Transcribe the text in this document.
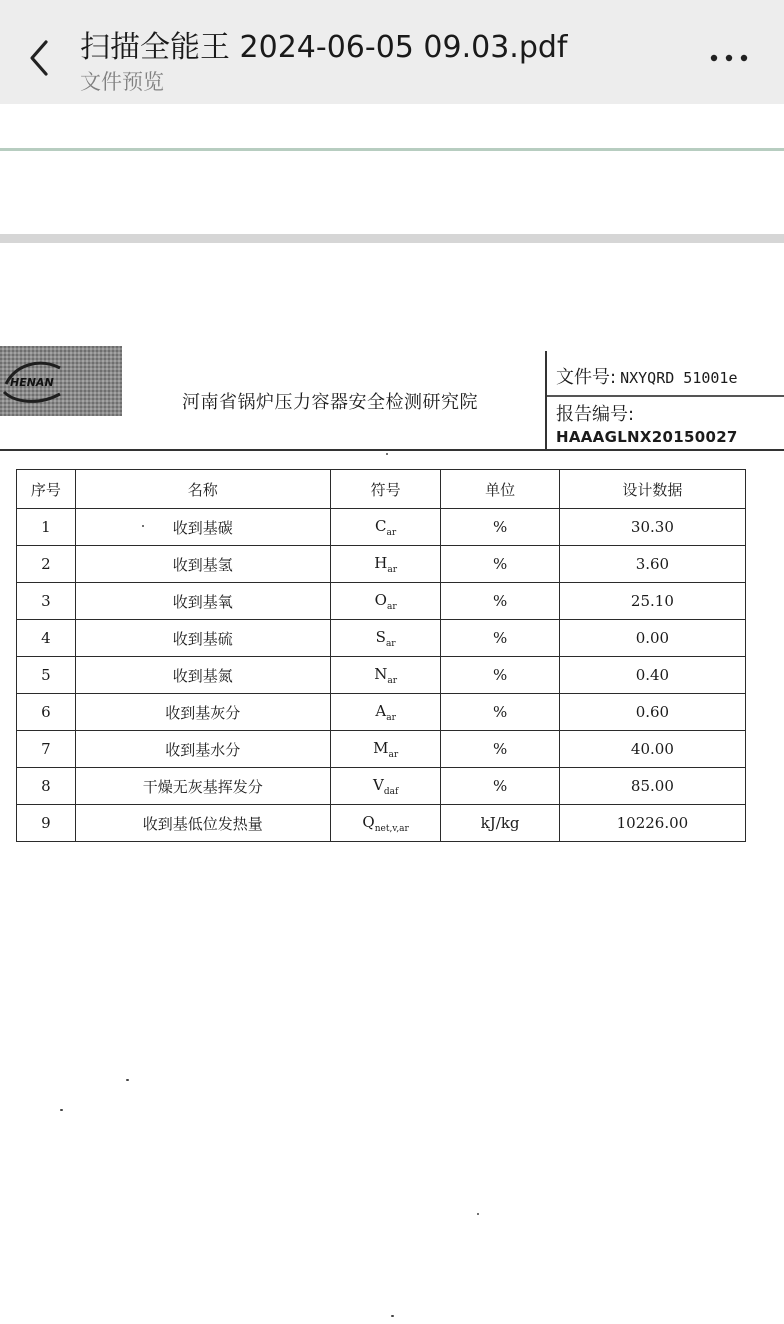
扫描全能王 2024-06-05 09.03.pdf
文件预览
HENAN
河南省锅炉压力容器安全检测研究院
文件号: NXYQRD 51001e
报告编号:
HAAAGLNX20150027
序号	名称	符号	单位	设计数据
1	收到基碳	$C_{ar}$	%	30.30
2	收到基氢	$H_{ar}$	%	3.60
3	收到基氧	$O_{ar}$	%	25.10
4	收到基硫	$S_{ar}$	%	0.00
5	收到基氮	$N_{ar}$	%	0.40
6	收到基灰分	$A_{ar}$	%	0.60
7	收到基水分	$M_{ar}$	%	40.00
8	干燥无灰基挥发分	$V_{daf}$	%	85.00
9	收到基低位发热量	$Q_{net,v,ar}$	kJ/kg	10226.00
